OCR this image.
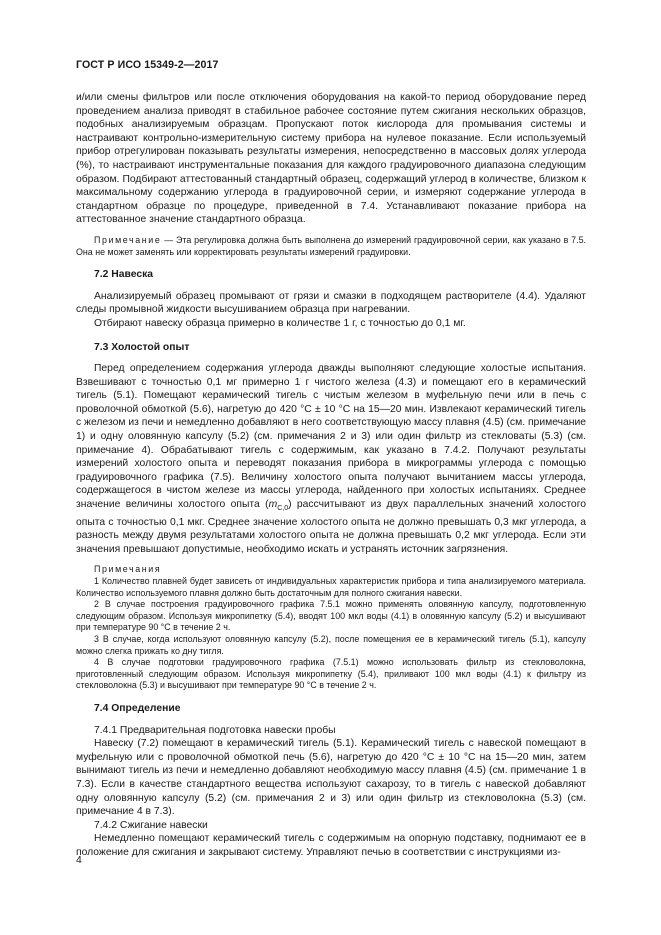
ГОСТ Р ИСО 15349-2—2017

и/или смены фильтров или после отключения оборудования на какой-то период оборудование перед проведением анализа приводят в стабильное рабочее состояние путем сжигания нескольких образцов, подобных анализируемым образцам. Пропускают поток кислорода для промывания системы и настраивают контрольно-измерительную систему прибора на нулевое показание. Если используемый прибор отрегулирован показывать результаты измерения, непосредственно в массовых долях углерода (%), то настраивают инструментальные показания для каждого градуировочного диапазона следующим образом. Подбирают аттестованный стандартный образец, содержащий углерод в количестве, близком к максимальному содержанию углерода в градуировочной серии, и измеряют содержание углерода в стандартном образце по процедуре, приведенной в 7.4. Устанавливают показание прибора на аттестованное значение стандартного образца.

Примечание — Эта регулировка должна быть выполнена до измерений градуировочной серии, как указано в 7.5. Она не может заменять или корректировать результаты измерений градуировки.

7.2 Навеска

Анализируемый образец промывают от грязи и смазки в подходящем растворителе (4.4). Удаляют следы промывной жидкости высушиванием образца при нагревании.

Отбирают навеску образца примерно в количестве 1 г, с точностью до 0,1 мг.

7.3 Холостой опыт

Перед определением содержания углерода дважды выполняют следующие холостые испытания. Взвешивают с точностью 0,1 мг примерно 1 г чистого железа (4.3) и помещают его в керамический тигель (5.1). Помещают керамический тигель с чистым железом в муфельную печи или в печь с проволочной обмоткой (5.6), нагретую до 420 °С ± 10 °С на 15—20 мин. Извлекают керамический тигель с железом из печи и немедленно добавляют в него соответствующую массу плавня (4.5) (см. примечание 1) и одну оловянную капсулу (5.2) (см. примечания 2 и 3) или один фильтр из стекловаты (5.3) (см. примечание 4). Обрабатывают тигель с содержимым, как указано в 7.4.2. Получают результаты измерений холостого опыта и переводят показания прибора в микрограммы углерода с помощью градуировочного графика (7.5). Величину холостого опыта получают вычитанием массы углерода, содержащегося в чистом железе из массы углерода, найденного при холостых испытаниях. Среднее значение величины холостого опыта $(m_{C,0})$ рассчитывают из двух параллельных значений холостого опыта с точностью 0,1 мкг. Среднее значение холостого опыта не должно превышать 0,3 мкг углерода, а разность между двумя результатами холостого опыта не должна превышать 0,2 мкг углерода. Если эти значения превышают допустимые, необходимо искать и устранять источник загрязнения.

Примечания

1 Количество плавней будет зависеть от индивидуальных характеристик прибора и типа анализируемого материала. Количество используемого плавня должно быть достаточным для полного сжигания навески.

2 В случае построения градуировочного графика 7.5.1 можно применять оловянную капсулу, подготовленную следующим образом. Используя микропипетку (5.4), вводят 100 мкл воды (4.1) в оловянную капсулу (5.2) и высушивают при температуре 90 °С в течение 2 ч.

3 В случае, когда используют оловянную капсулу (5.2), после помещения ее в керамический тигель (5.1), капсулу можно слегка прижать ко дну тигля.

4 В случае подготовки градуировочного графика (7.5.1) можно использовать фильтр из стекловолокна, приготовленный следующим образом. Используя микропипетку (5.4), приливают 100 мкл воды (4.1) к фильтру из стекловолокна (5.3) и высушивают при температуре 90 °С в течение 2 ч.

7.4 Определение

7.4.1 Предварительная подготовка навески пробы

Навеску (7.2) помещают в керамический тигель (5.1). Керамический тигель с навеской помещают в муфельную или с проволочной обмоткой печь (5.6), нагретую до 420 °С ± 10 °С на 15—20 мин, затем вынимают тигель из печи и немедленно добавляют необходимую массу плавня (4.5) (см. примечание 1 в 7.3). Если в качестве стандартного вещества используют сахарозу, то в тигель с навеской добавляют одну оловянную капсулу (5.2) (см. примечания 2 и 3) или один фильтр из стекловолокна (5.3) (см. примечание 4 в 7.3).

7.4.2 Сжигание навески

Немедленно помещают керамический тигель с содержимым на опорную подставку, поднимают ее в положение для сжигания и закрывают систему. Управляют печью в соответствии с инструкциями из-

4
